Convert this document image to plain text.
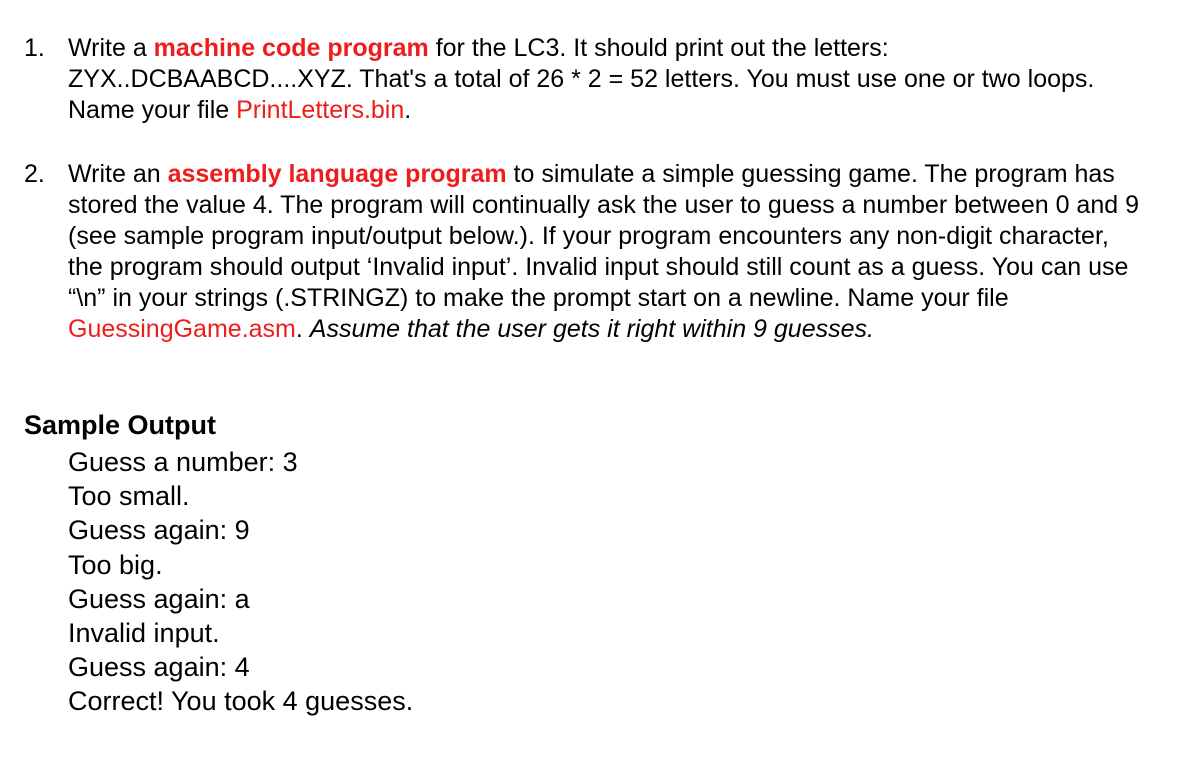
1. Write a machine code program for the LC3. It should print out the letters: ZYX..DCBAABCD....XYZ. That's a total of 26 * 2 = 52 letters. You must use one or two loops. Name your file PrintLetters.bin.
2. Write an assembly language program to simulate a simple guessing game. The program has stored the value 4. The program will continually ask the user to guess a number between 0 and 9 (see sample program input/output below.). If your program encounters any non-digit character, the program should output ‘Invalid input’. Invalid input should still count as a guess. You can use “\n” in your strings (.STRINGZ) to make the prompt start on a newline. Name your file GuessingGame.asm. Assume that the user gets it right within 9 guesses.
Sample Output
Guess a number: 3
Too small.
Guess again: 9
Too big.
Guess again: a
Invalid input.
Guess again: 4
Correct! You took 4 guesses.
